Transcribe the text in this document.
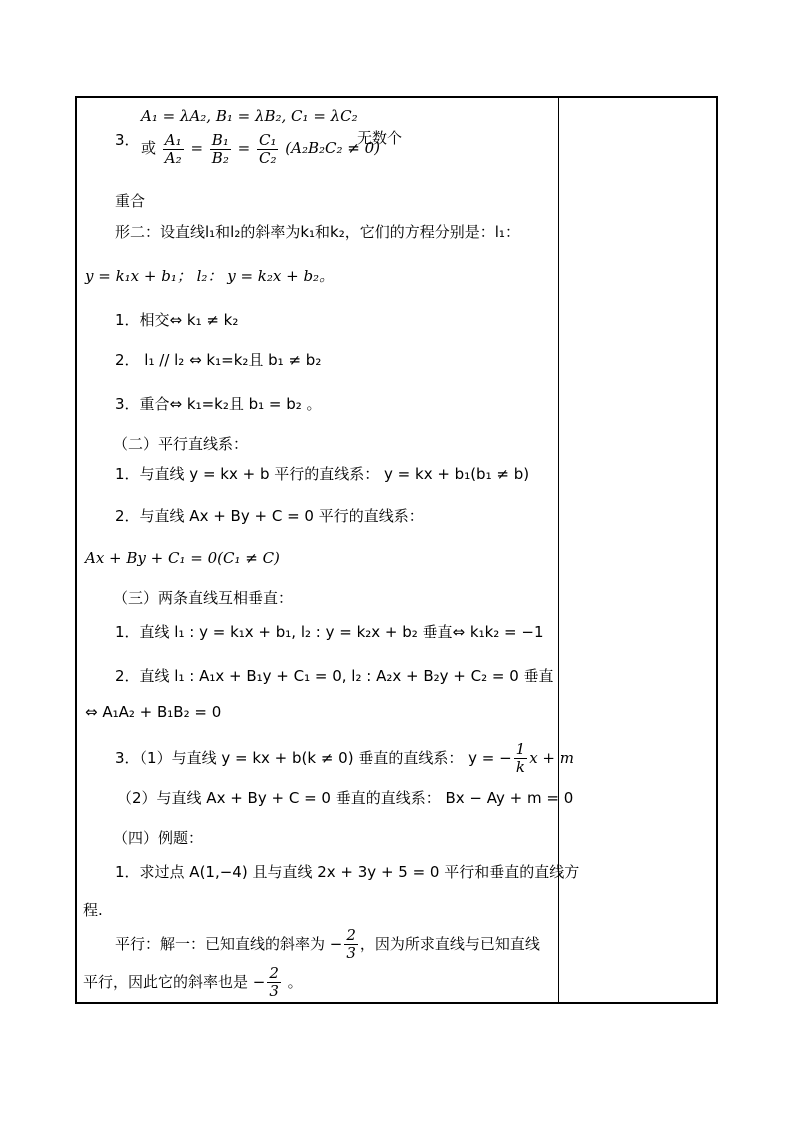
A₁ = λA₂, B₁ = λB₂, C₁ = λC₂
3． 或 $\frac{\text{A₁}}{\text{A₂}} = \frac{\text{B₁}}{\text{B₂}} = \frac{\text{C₁}}{\text{C₂}} (A_2B_2C_2 \ne 0)$
无数个
重合
形二：设直线l₁和l₂的斜率为k₁和k₂，它们的方程分别是：l₁：
y = k₁x + b₁； l₂： y = k₂x + b₂。
1．相交⇔ k₁ ≠ k₂
2． l₁ // l₂ ⇔ k₁=k₂且 b₁ ≠ b₂
3．重合⇔ k₁=k₂且 b₁ = b₂ 。
（二）平行直线系：
1．与直线 y = kx + b 平行的直线系： y = kx + b₁(b₁ ≠ b)
2．与直线 Ax + By + C = 0 平行的直线系：
Ax + By + C₁ = 0(C₁ ≠ C)
（三）两条直线互相垂直：
1．直线 l₁ : y = k₁x + b₁, l₂ : y = k₂x + b₂ 垂直⇔ k₁k₂ = −1
2．直线 l₁ : A₁x + B₁y + C₁ = 0, l₂ : A₂x + B₂y + C₂ = 0 垂直
⇔ A₁A₂ + B₁B₂ = 0
3．（1）与直线 y = kx + b(k ≠ 0) 垂直的直线系： y = − $\frac{1}{k}$ x + m
（2）与直线 Ax + By + C = 0 垂直的直线系： Bx − Ay + m = 0
（四）例题：
1．求过点 A(1,−4) 且与直线 2x + 3y + 5 = 0 平行和垂直的直线方
程.
平行：解一：已知直线的斜率为 − $\frac{2}{3}$ ，因为所求直线与已知直线
平行，因此它的斜率也是 − $\frac{2}{3}$ 。
